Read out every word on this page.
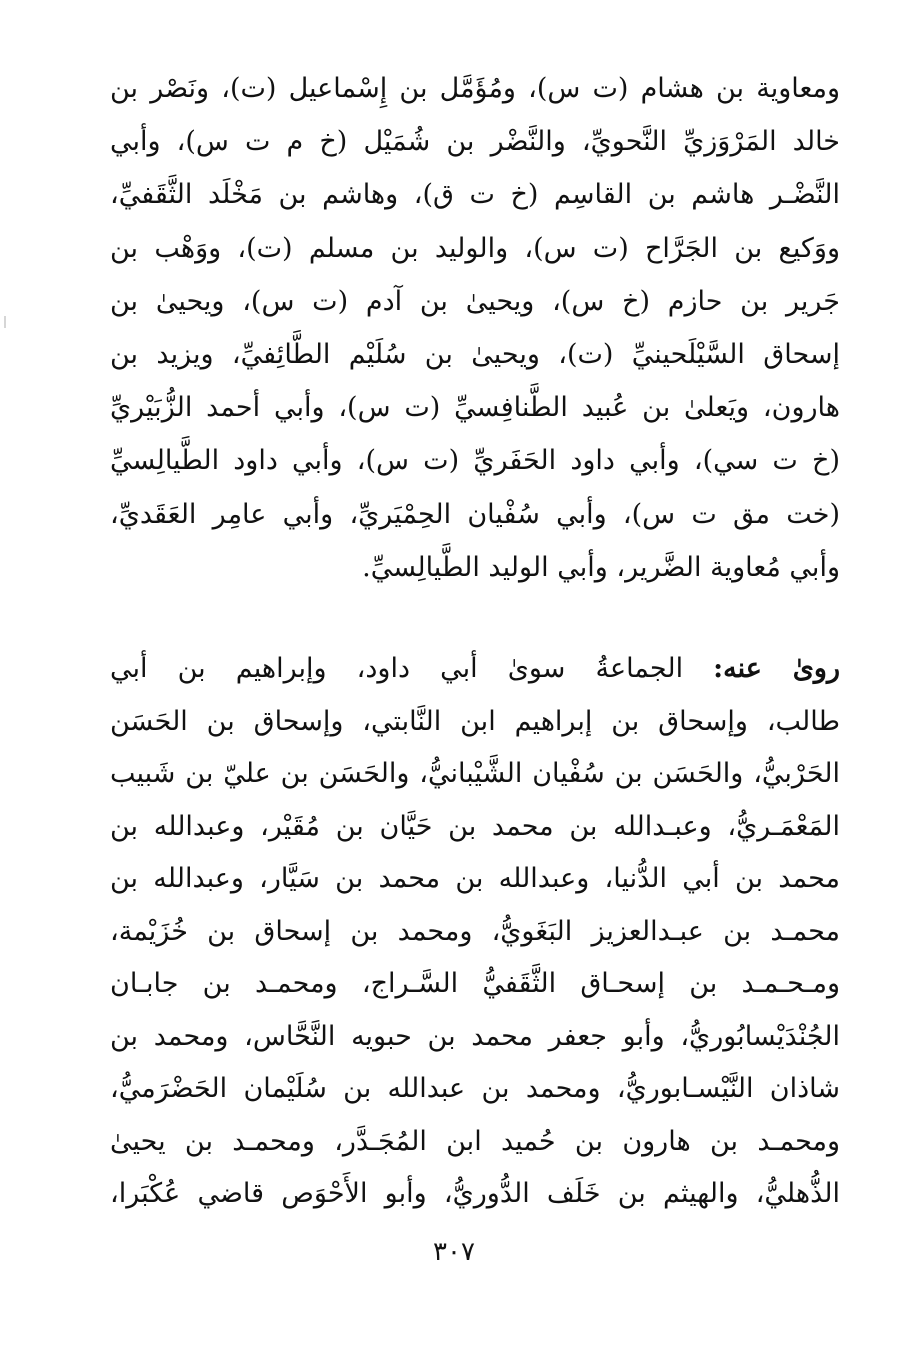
ومعاوية بن هشام (ت س)، ومُؤَمَّل بن إِسْماعيل (ت)، ونَصْر بن
خالد المَرْوَزيِّ النَّحويِّ، والنَّضْر بن شُمَيْل (خ م ت س)، وأبي
النَّضْـر هاشم بن القاسِم (خ ت ق)، وهاشم بن مَخْلَد الثَّقَفيِّ،
ووَكيع بن الجَرَّاح (ت س)، والوليد بن مسلم (ت)، ووَهْب بن
جَرير بن حازم (خ س)، ويحيىٰ بن آدم (ت س)، ويحيىٰ بن
إسحاق السَّيْلَحينيِّ (ت)، ويحيىٰ بن سُلَيْم الطَّائِفيِّ، ويزيد بن
هارون، ويَعلىٰ بن عُبيد الطَّنافِسيِّ (ت س)، وأبي أحمد الزُّبَيْريِّ
(خ ت سي)، وأبي داود الحَفَريِّ (ت س)، وأبي داود الطَّيالِسيِّ
(خت مق ت س)، وأبي سُفْيان الحِمْيَريِّ، وأبي عامِر العَقَديِّ،
وأبي مُعاوية الضَّرير، وأبي الوليد الطَّيالِسيِّ.
روىٰ عنه: الجماعةُ سوىٰ أبي داود، وإبراهيم بن أبي
طالب، وإسحاق بن إبراهيم ابن النَّابتي، وإسحاق بن الحَسَن
الحَرْبيُّ، والحَسَن بن سُفْيان الشَّيْبانيُّ، والحَسَن بن عليّ بن شَبيب
المَعْمَـريُّ، وعبـدالله بن محمد بن حَيَّان بن مُقَيْر، وعبدالله بن
محمد بن أبي الدُّنيا، وعبدالله بن محمد بن سَيَّار، وعبدالله بن
محمـد بن عبـدالعزيز البَغَويُّ، ومحمد بن إسحاق بن خُزَيْمة،
ومـحـمـد بن إسحـاق الثَّقَفيُّ السَّـراج، ومحمـد بن جابـان
الجُنْدَيْسابُوريُّ، وأبو جعفر محمد بن حبويه النَّحَّاس، ومحمد بن
شاذان النَّيْسـابوريُّ، ومحمد بن عبدالله بن سُلَيْمان الحَضْرَميُّ،
ومحمـد بن هارون بن حُميد ابن المُجَـدَّر، ومحمـد بن يحيىٰ
الذُّهليُّ، والهيثم بن خَلَف الدُّوريُّ، وأبو الأَحْوَص قاضي عُكْبَرا،
٣٠٧
